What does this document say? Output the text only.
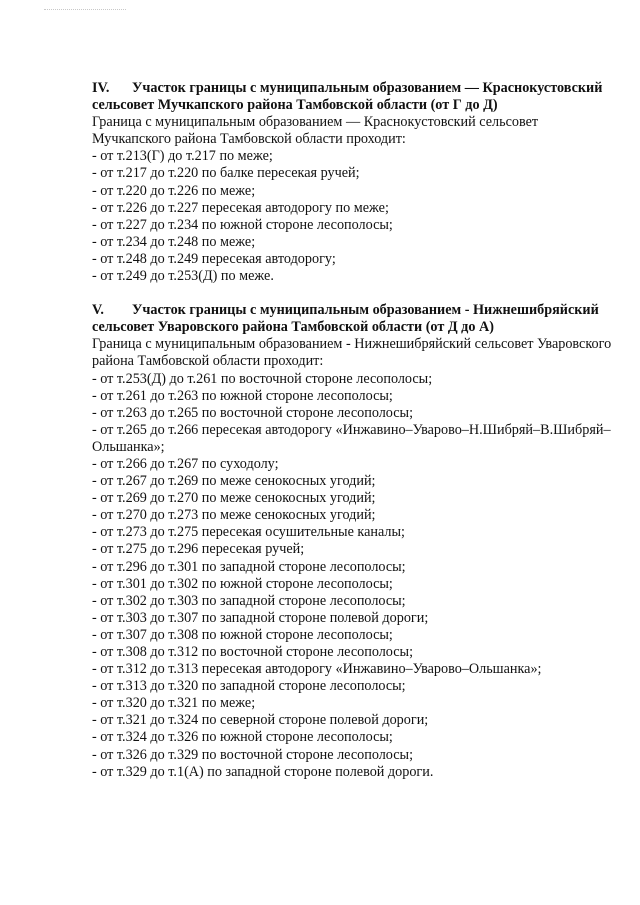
IV. Участок границы с муниципальным образованием — Краснокустовский сельсовет Мучкапского района Тамбовской области (от Г до Д)

Граница с муниципальным образованием — Краснокустовский сельсовет Мучкапского района Тамбовской области проходит:

- от т.213(Г) до т.217 по меже;
- от т.217 до т.220 по балке пересекая ручей;
- от т.220 до т.226 по меже;
- от т.226 до т.227 пересекая автодорогу по меже;
- от т.227 до т.234 по южной стороне лесополосы;
- от т.234 до т.248 по меже;
- от т.248 до т.249 пересекая автодорогу;
- от т.249 до т.253(Д) по меже.

V. Участок границы с муниципальным образованием - Нижнешибряйский сельсовет Уваровского района Тамбовской области (от Д до А)

Граница с муниципальным образованием - Нижнешибряйский сельсовет Уваровского района Тамбовской области проходит:

- от т.253(Д) до т.261 по восточной стороне лесополосы;
- от т.261 до т.263 по южной стороне лесополосы;
- от т.263 до т.265 по восточной стороне лесополосы;
- от т.265 до т.266 пересекая автодорогу «Инжавино–Уварово–Н.Шибряй–В.Шибряй–Ольшанка»;
- от т.266 до т.267 по суходолу;
- от т.267 до т.269 по меже сенокосных угодий;
- от т.269 до т.270 по меже сенокосных угодий;
- от т.270 до т.273 по меже сенокосных угодий;
- от т.273 до т.275 пересекая осушительные каналы;
- от т.275 до т.296 пересекая ручей;
- от т.296 до т.301 по западной стороне лесополосы;
- от т.301 до т.302 по южной стороне лесополосы;
- от т.302 до т.303 по западной стороне лесополосы;
- от т.303 до т.307 по западной стороне полевой дороги;
- от т.307 до т.308 по южной стороне лесополосы;
- от т.308 до т.312 по восточной стороне лесополосы;
- от т.312 до т.313 пересекая автодорогу «Инжавино–Уварово–Ольшанка»;
- от т.313 до т.320 по западной стороне лесополосы;
- от т.320 до т.321 по меже;
- от т.321 до т.324 по северной стороне полевой дороги;
- от т.324 до т.326 по южной стороне лесополосы;
- от т.326 до т.329 по восточной стороне лесополосы;
- от т.329 до т.1(А) по западной стороне полевой дороги.
